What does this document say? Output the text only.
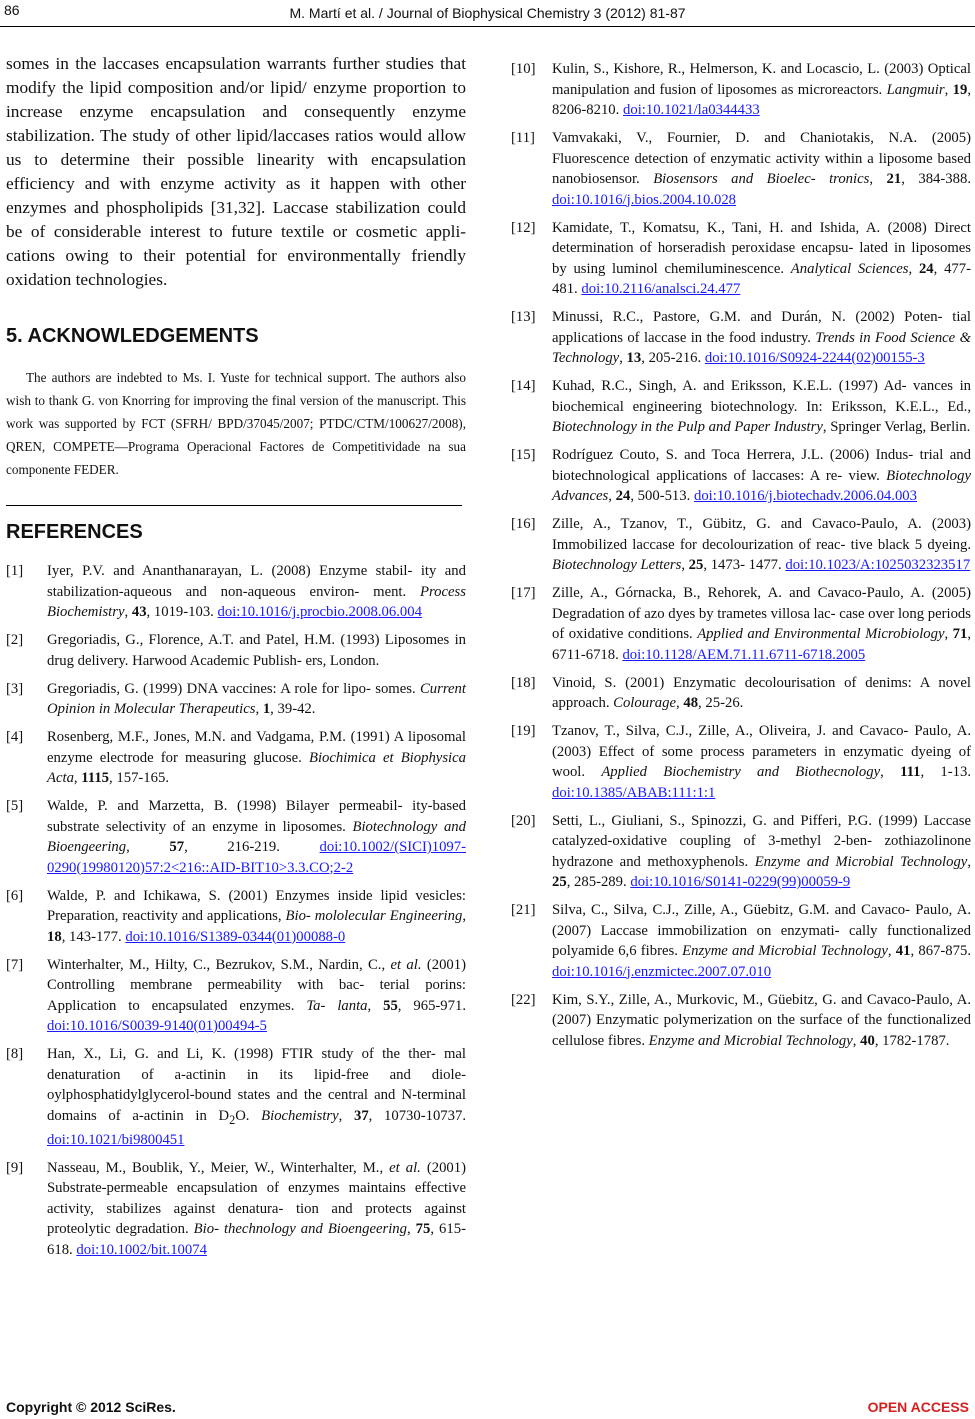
86	M. Martí et al. / Journal of Biophysical Chemistry 3 (2012) 81-87

somes in the laccases encapsulation warrants further studies that modify the lipid composition and/or lipid/ enzyme proportion to increase enzyme encapsulation and consequently enzyme stabilization. The study of other lipid/laccases ratios would allow us to determine their possible linearity with encapsulation efficiency and with enzyme activity as it happen with other enzymes and phospholipids [31,32]. Laccase stabilization could be of considerable interest to future textile or cosmetic appli- cations owing to their potential for environmentally friendly oxidation technologies.

5. ACKNOWLEDGEMENTS

The authors are indebted to Ms. I. Yuste for technical support. The authors also wish to thank G. von Knorring for improving the final version of the manuscript. This work was supported by FCT (SFRH/ BPD/37045/2007; PTDC/CTM/100627/2008), QREN, COMPETE—Programa Operacional Factores de Competitividade na sua componente FEDER.

REFERENCES

[1] Iyer, P.V. and Ananthanarayan, L. (2008) Enzyme stabil- ity and stabilization-aqueous and non-aqueous environ- ment. Process Biochemistry, 43, 1019-103. doi:10.1016/j.procbio.2008.06.004

[2] Gregoriadis, G., Florence, A.T. and Patel, H.M. (1993) Liposomes in drug delivery. Harwood Academic Publish- ers, London.

[3] Gregoriadis, G. (1999) DNA vaccines: A role for lipo- somes. Current Opinion in Molecular Therapeutics, 1, 39-42.

[4] Rosenberg, M.F., Jones, M.N. and Vadgama, P.M. (1991) A liposomal enzyme electrode for measuring glucose. Biochimica et Biophysica Acta, 1115, 157-165.

[5] Walde, P. and Marzetta, B. (1998) Bilayer permeabil- ity-based substrate selectivity of an enzyme in liposomes. Biotechnology and Bioengeering, 57, 216-219. doi:10.1002/(SICI)1097-0290(19980120)57:2<216::AID-BIT10>3.3.CO;2-2

[6] Walde, P. and Ichikawa, S. (2001) Enzymes inside lipid vesicles: Preparation, reactivity and applications, Bio- mololecular Engineering, 18, 143-177. doi:10.1016/S1389-0344(01)00088-0

[7] Winterhalter, M., Hilty, C., Bezrukov, S.M., Nardin, C., et al. (2001) Controlling membrane permeability with bac- terial porins: Application to encapsulated enzymes. Ta- lanta, 55, 965-971. doi:10.1016/S0039-9140(01)00494-5

[8] Han, X., Li, G. and Li, K. (1998) FTIR study of the ther- mal denaturation of a-actinin in its lipid-free and diole- oylphosphatidylglycerol-bound states and the central and N-terminal domains of a-actinin in $D_2O$. Biochemistry, 37, 10730-10737. doi:10.1021/bi9800451

[9] Nasseau, M., Boublik, Y., Meier, W., Winterhalter, M., et al. (2001) Substrate-permeable encapsulation of enzymes maintains effective activity, stabilizes against denatura- tion and protects against proteolytic degradation. Bio- thechnology and Bioengeering, 75, 615-618. doi:10.1002/bit.10074

[10] Kulin, S., Kishore, R., Helmerson, K. and Locascio, L. (2003) Optical manipulation and fusion of liposomes as microreactors. Langmuir, 19, 8206-8210. doi:10.1021/la0344433

[11] Vamvakaki, V., Fournier, D. and Chaniotakis, N.A. (2005) Fluorescence detection of enzymatic activity within a liposome based nanobiosensor. Biosensors and Bioelec- tronics, 21, 384-388. doi:10.1016/j.bios.2004.10.028

[12] Kamidate, T., Komatsu, K., Tani, H. and Ishida, A. (2008) Direct determination of horseradish peroxidase encapsu- lated in liposomes by using luminol chemiluminescence. Analytical Sciences, 24, 477-481. doi:10.2116/analsci.24.477

[13] Minussi, R.C., Pastore, G.M. and Durán, N. (2002) Poten- tial applications of laccase in the food industry. Trends in Food Science & Technology, 13, 205-216. doi:10.1016/S0924-2244(02)00155-3

[14] Kuhad, R.C., Singh, A. and Eriksson, K.E.L. (1997) Ad- vances in biochemical engineering biotechnology. In: Eriksson, K.E.L., Ed., Biotechnology in the Pulp and Paper Industry, Springer Verlag, Berlin.

[15] Rodríguez Couto, S. and Toca Herrera, J.L. (2006) Indus- trial and biotechnological applications of laccases: A re- view. Biotechnology Advances, 24, 500-513. doi:10.1016/j.biotechadv.2006.04.003

[16] Zille, A., Tzanov, T., Gübitz, G. and Cavaco-Paulo, A. (2003) Immobilized laccase for decolourization of reac- tive black 5 dyeing. Biotechnology Letters, 25, 1473- 1477. doi:10.1023/A:1025032323517

[17] Zille, A., Górnacka, B., Rehorek, A. and Cavaco-Paulo, A. (2005) Degradation of azo dyes by trametes villosa lac- case over long periods of oxidative conditions. Applied and Environmental Microbiology, 71, 6711-6718. doi:10.1128/AEM.71.11.6711-6718.2005

[18] Vinoid, S. (2001) Enzymatic decolourisation of denims: A novel approach. Colourage, 48, 25-26.

[19] Tzanov, T., Silva, C.J., Zille, A., Oliveira, J. and Cavaco- Paulo, A. (2003) Effect of some process parameters in enzymatic dyeing of wool. Applied Biochemistry and Biothecnology, 111, 1-13. doi:10.1385/ABAB:111:1:1

[20] Setti, L., Giuliani, S., Spinozzi, G. and Pifferi, P.G. (1999) Laccase catalyzed-oxidative coupling of 3-methyl 2-ben- zothiazolinone hydrazone and methoxyphenols. Enzyme and Microbial Technology, 25, 285-289. doi:10.1016/S0141-0229(99)00059-9

[21] Silva, C., Silva, C.J., Zille, A., Güebitz, G.M. and Cavaco- Paulo, A. (2007) Laccase immobilization on enzymati- cally functionalized polyamide 6,6 fibres. Enzyme and Microbial Technology, 41, 867-875. doi:10.1016/j.enzmictec.2007.07.010

[22] Kim, S.Y., Zille, A., Murkovic, M., Güebitz, G. and Cavaco-Paulo, A. (2007) Enzymatic polymerization on the surface of the functionalized cellulose fibres. Enzyme and Microbial Technology, 40, 1782-1787.

Copyright © 2012 SciRes.	OPEN ACCESS
